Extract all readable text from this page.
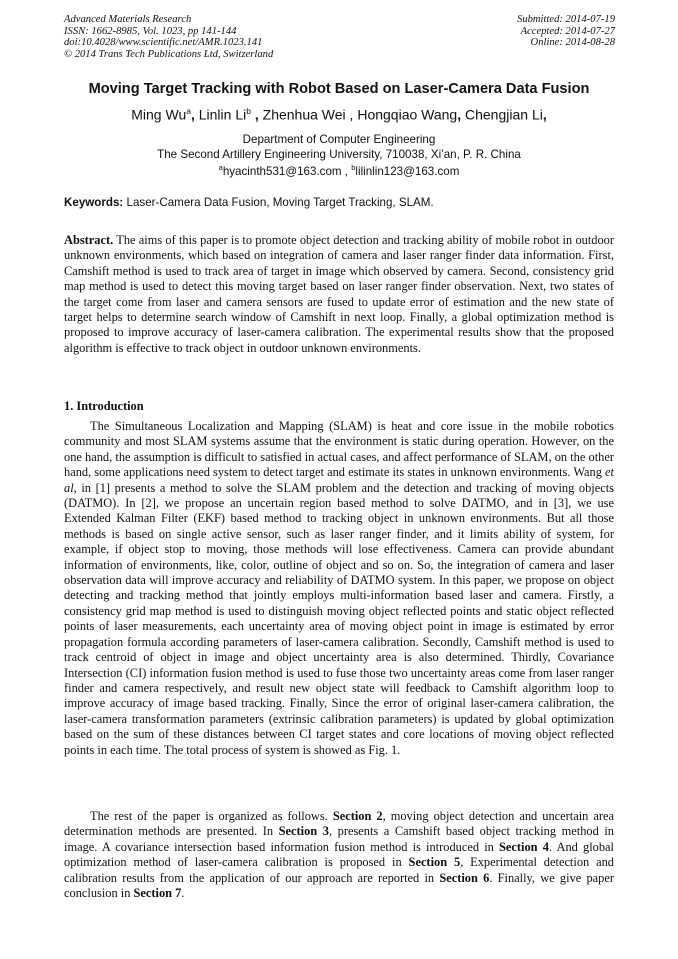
Advanced Materials Research
ISSN: 1662-8985, Vol. 1023, pp 141-144
doi:10.4028/www.scientific.net/AMR.1023.141
© 2014 Trans Tech Publications Ltd, Switzerland
Submitted: 2014-07-19
Accepted: 2014-07-27
Online: 2014-08-28
Moving Target Tracking with Robot Based on Laser-Camera Data Fusion
Ming Wu$^a$, Linlin Li$^b$ , Zhenhua Wei , Hongqiao Wang, Chengjian Li,
Department of Computer Engineering
The Second Artillery Engineering University, 710038, Xi’an, P. R. China
$^a$hyacinth531@163.com , $^b$lilinlin123@163.com
Keywords: Laser-Camera Data Fusion, Moving Target Tracking, SLAM.

Abstract. The aims of this paper is to promote object detection and tracking ability of mobile robot in outdoor unknown environments, which based on integration of camera and laser ranger finder data information. First, Camshift method is used to track area of target in image which observed by camera. Second, consistency grid map method is used to detect this moving target based on laser ranger finder observation. Next, two states of the target come from laser and camera sensors are fused to update error of estimation and the new state of target helps to determine search window of Camshift in next loop. Finally, a global optimization method is proposed to improve accuracy of laser-camera calibration. The experimental results show that the proposed algorithm is effective to track object in outdoor unknown environments.

1. Introduction

The Simultaneous Localization and Mapping (SLAM) is heat and core issue in the mobile robotics community and most SLAM systems assume that the environment is static during operation. However, on the one hand, the assumption is difficult to satisfied in actual cases, and affect performance of SLAM, on the other hand, some applications need system to detect target and estimate its states in unknown environments. Wang et al, in [1] presents a method to solve the SLAM problem and the detection and tracking of moving objects (DATMO). In [2], we propose an uncertain region based method to solve DATMO, and in [3], we use Extended Kalman Filter (EKF) based method to tracking object in unknown environments. But all those methods is based on single active sensor, such as laser ranger finder, and it limits ability of system, for example, if object stop to moving, those methods will lose effectiveness. Camera can provide abundant information of environments, like, color, outline of object and so on. So, the integration of camera and laser observation data will improve accuracy and reliability of DATMO system. In this paper, we propose on object detecting and tracking method that jointly employs multi-information based laser and camera. Firstly, a consistency grid map method is used to distinguish moving object reflected points and static object reflected points of laser measurements, each uncertainty area of moving object point in image is estimated by error propagation formula according parameters of laser-camera calibration. Secondly, Camshift method is used to track centroid of object in image and object uncertainty area is also determined. Thirdly, Covariance Intersection (CI) information fusion method is used to fuse those two uncertainty areas come from laser ranger finder and camera respectively, and result new object state will feedback to Camshift algorithm loop to improve accuracy of image based tracking. Finally, Since the error of original laser-camera calibration, the laser-camera transformation parameters (extrinsic calibration parameters) is updated by global optimization based on the sum of these distances between CI target states and core locations of moving object reflected points in each time. The total process of system is showed as Fig. 1.

The rest of the paper is organized as follows. Section 2, moving object detection and uncertain area determination methods are presented. In Section 3, presents a Camshift based object tracking method in image. A covariance intersection based information fusion method is introduced in Section 4. And global optimization method of laser-camera calibration is proposed in Section 5, Experimental detection and calibration results from the application of our approach are reported in Section 6. Finally, we give paper conclusion in Section 7.
